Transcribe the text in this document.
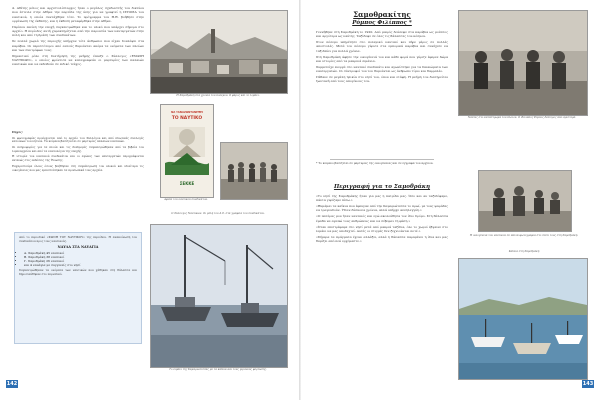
Δ. Αθέτης μέλος και αρχιστολίσταρχος ήταν ο μεγάλος σχεδιαστής του δικτύου που έστειλε στην Αθήνα την παρτίδα της ύλης για να γραφτεί η ΙΣΤΟΡΙΑ του ναυτικού, η οποία συντάχθηκε τότε. Το πρόγραμμα του Θ.Θ. βοήθησε στην οργάνωση της έκθεσης, και η έκθεση μεταφέρθηκε στην Αθήνα.

Περίπου εκείνη την εποχή συγκεντρώθηκε και το υλικό που υπάρχει σήμερα στο αρχείο. Η περίοδος αυτή χαρακτηρίζεται από την παρουσία των ναυτεργατών στην πόλη και από τη δράση των συνδικάτων.

Σε πολλά χωριά της περιοχής υπήρχαν τότε άνθρωποι που είχαν δουλέψει στα καράβια. Οι περισσότεροι από αυτούς θυμούνται ακόμα τα ονόματα των πλοίων και των συντρόφων τους.

Σημαντικό ρόλο στη διατήρηση της μνήμης έπαιξε ο Σύλλογος «ΕΝΩΣΗ ΝΑΥΤΙΚΩΝ», ο οποίος φρόντισε να καταγραφούν οι μαρτυρίες των παλαιών ναυτικών και να εκδοθούν σε ειδικό τεύχος.

Η Σαμοθράκη στα χρόνια του πολέμου. Ο φάρος και το λιμάνι.

Πηγές:

Οι φωτογραφίες προέρχονται από το αρχείο του Συλλόγου και από ιδιωτικές συλλογές κατοίκων του νησιού. Τα κείμενα βασίζονται σε μαρτυρίες παλαιών ναυτικών.

Οι πληροφορίες για τα πλοία και τις διαδρομές συγκεντρώθηκαν από τα βιβλία του λιμεναρχείου και από τα ναυτολόγια της εποχής.

Η ιστορία του ναυτικού συνδικάτου και οι αγώνες των ναυτεργατών περιγράφονται εκτενώς στις εκδόσεις της Ένωσης.

Ευχαριστούμε όλους όσους βοήθησαν στη συγκέντρωση του υλικού και ιδιαίτερα τις οικογένειες που μας εμπιστεύτηκαν τα προσωπικά τους αρχεία.

ΝΑ ΞΑΝΑΖΩΝΤΑΝΕΨΕΙ
ΤΟ ΝΑΥΤΙΚΟ
ΣΕΚΚΕ
Αφίσα του ναυτικού συνδικάτου.

Από το περιοδικό «ΦΩΝΗ ΤΟΥ ΝΑΥΤΙΚΟΥ» της περιόδου. Η ανακοίνωση του συνδικάτου προς τους ναυτικούς.

ΝΑΥΛΑ ΣΤΑ ΝΑΥΑΓΙΑ
• Α. Σαμοθράκη 45 ναυτικοί
• Β. Σαμοθράκη 38 ναυτικοί
• Γ. Σαμοθράκη 26 ναυτικοί
• και 4 ναυάγια με συγγενείς στο νησί

Συγκεντρώθηκαν τα ονόματα των ναυτικών που χάθηκαν στη θάλασσα και δημοσιεύθηκαν στο περιοδικό.

Ο Σύλλογος Ναυτικών. Οι μέλη του Δ.Σ. στα γραφεία του συνδικάτου.
Το λιμάνι της Καμαριώτισσας με τα καΐκια και τους γερανούς φόρτωσης.
142
Σαμοθρακίτης
Ρόμπος Φιλίππος *

Γεννήθηκε στη Σαμοθράκη το 1920. Από μικρός δούλεψε στα καράβια ως μούτσος και αργότερα ως ναύτης. Ταξίδεψε σε όλες τις θάλασσες του κόσμου.

Στον πόλεμο υπηρέτησε στο πολεμικό ναυτικό και πήρε μέρος σε πολλές αποστολές. Μετά τον πόλεμο γύρισε στα εμπορικά καράβια και συνέχισε να ταξιδεύει για πολλά χρόνια.

Στη Σαμοθράκη άφησε την οικογένειά του και κάθε φορά που γύριζε έφερνε δώρα και ιστορίες από τα μακρινά λιμάνια.

Συμμετείχε ενεργά στο ναυτικό συνδικάτο και αγωνίστηκε για τα δικαιώματα των ναυτεργατών. Οι σύντροφοί του τον θυμούνται ως άνθρωπο τίμιο και θαρραλέο.

Πέθανε σε μεγάλη ηλικία στο νησί του, όπου και ετάφη. Η μνήμη του διατηρείται ζωντανή από τους απογόνους του.

* Το κείμενο βασίζεται σε μαρτυρίες της οικογένειας και σε έγγραφα του αρχείου.

Περιγραφή για το Σαμοθράκη

«Το νησί της Σαμοθράκης ήταν για μας η πατρίδα μας. Όσο και αν ταξιδέψαμε, πάντα γυρίζαμε πίσω.»

«Θυμάμαι τα καΐκια που έφευγαν από την Καμαριώτισσα το πρωί, με τους ψαράδες να τραγουδούν. Ήταν δύσκολα χρόνια, αλλά υπήρχε αλληλεγγύη.»

«Ο πατέρας μου ήταν ναυτικός και εγώ ακολούθησα τον ίδιο δρόμο. Στη θάλασσα έμαθα να αγαπώ τους ανθρώπους και να σέβομαι τη φύση.»

«Όταν επιστρέφαμε στο νησί μετά από μακριά ταξίδια, όλο το χωριό έβγαινε στο λιμάνι να μας υποδεχτεί. Αυτές οι στιγμές δεν ξεχνιούνται ποτέ.»

«Σήμερα τα πράγματα έχουν αλλάξει, αλλά η θάλασσα παραμένει η ίδια και μας θυμίζει από πού ερχόμαστε.»

Ναύτες στο κατάστρωμα του πλοίου. Ο Φίλιππος Ρόμπος δεύτερος από αριστερά.
Η οικογένεια του ναυτικού σε παλιά φωτογραφία στο σπίτι τους στη Σαμοθράκη.
Καΐκια στη Σαμοθράκη
143
